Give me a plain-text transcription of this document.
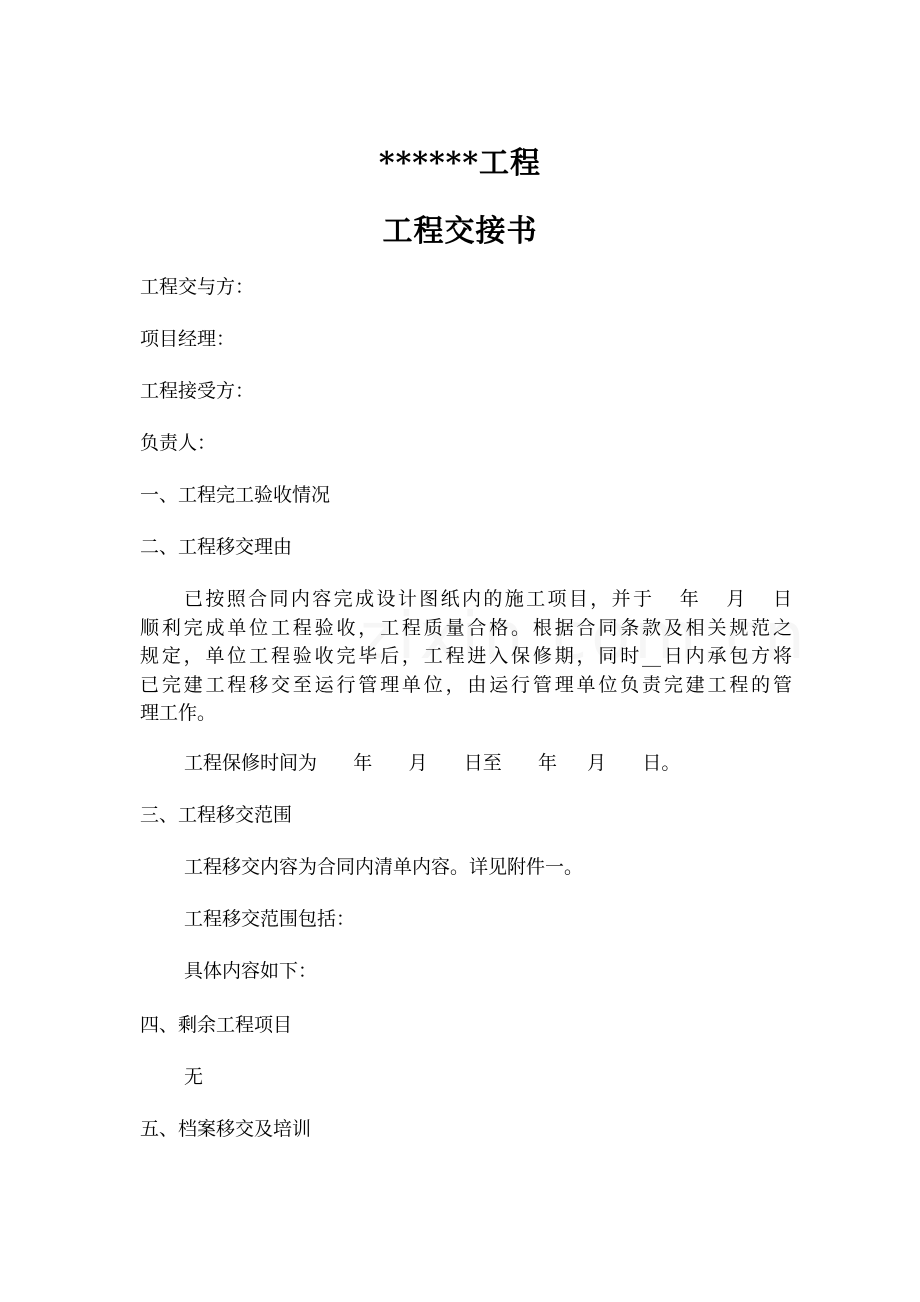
******工程
工程交接书

工程交与方：

项目经理：

工程接受方：

负责人：

一、工程完工验收情况

二、工程移交理由

已按照合同内容完成设计图纸内的施工项目，并于   年   月   日
顺利完成单位工程验收，工程质量合格。根据合同条款及相关规范之
规定，单位工程验收完毕后，工程进入保修期，同时__日内承包方将
已完建工程移交至运行管理单位，由运行管理单位负责完建工程的管
理工作。

工程保修时间为      年      月      日至      年     月      日。

三、工程移交范围

工程移交内容为合同内清单内容。详见附件一。

工程移交范围包括：

具体内容如下：

四、剩余工程项目

无

五、档案移交及培训
